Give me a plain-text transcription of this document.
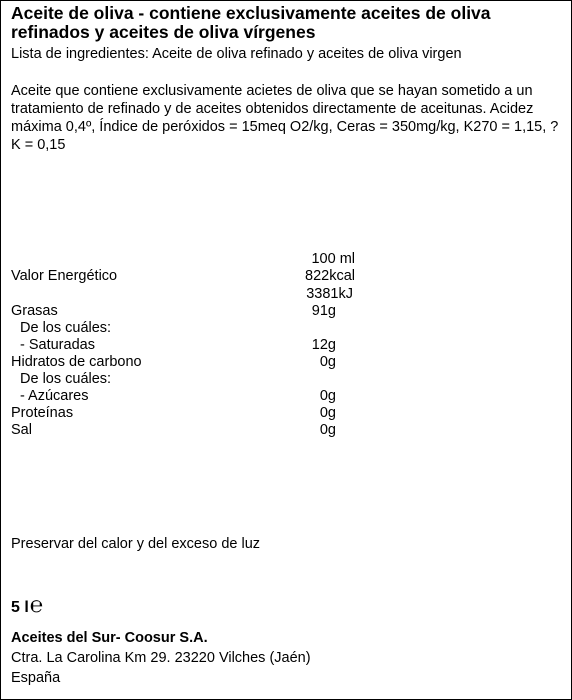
Aceite de oliva - contiene exclusivamente aceites de oliva refinados y aceites de oliva vírgenes
Lista de ingredientes: Aceite de oliva refinado y aceites de oliva virgen
Aceite que contiene exclusivamente acietes de oliva que se hayan sometido a un tratamiento de refinado y de aceites obtenidos directamente de aceitunas. Acidez máxima 0,4º, Índice de peróxidos = 15meq O2/kg, Ceras = 350mg/kg, K270 = 1,15, ?K = 0,15
100 ml
Valor Energético	822kcal
3381kJ
Grasas	91g
De los cuáles:
- Saturadas	12g
Hidratos de carbono	0g
De los cuáles:
- Azúcares	0g
Proteínas	0g
Sal	0g
Preservar del calor y del exceso de luz
5 l ℮
Aceites del Sur- Coosur S.A.
Ctra. La Carolina Km 29. 23220 Vilches (Jaén)
España
